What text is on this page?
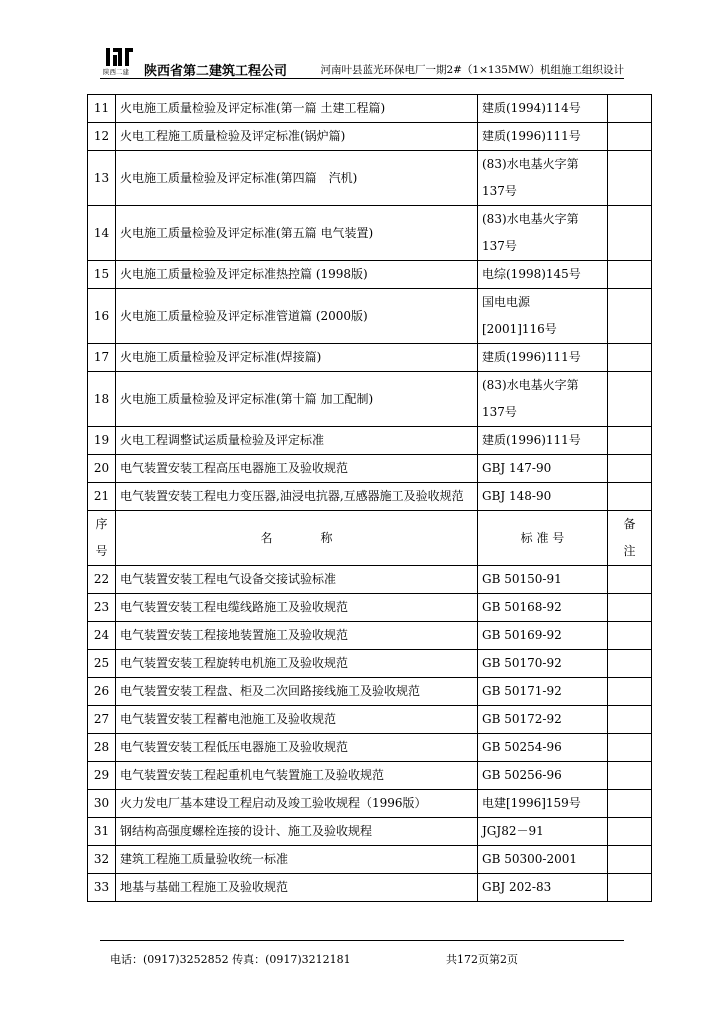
陕西二建 陕西省第二建筑工程公司	河南叶县蓝光环保电厂一期2#（1×135MW）机组施工组织设计
11	火电施工质量检验及评定标准(第一篇 土建工程篇)	建质(1994)114号	

12	火电工程施工质量检验及评定标准(锅炉篇)	建质(1996)111号	

13	火电施工质量检验及评定标准(第四篇　汽机)	(83)水电基火字第
137号	

14	火电施工质量检验及评定标准(第五篇 电气装置)	(83)水电基火字第
137号	

15	火电施工质量检验及评定标准热控篇 (1998版)	电综(1998)145号	

16	火电施工质量检验及评定标准管道篇 (2000版)	国电电源
[2001]116号	

17	火电施工质量检验及评定标准(焊接篇)	建质(1996)111号	

18	火电施工质量检验及评定标准(第十篇 加工配制)	(83)水电基火字第
137号	

19	火电工程调整试运质量检验及评定标准	建质(1996)111号	

20	电气装置安装工程高压电器施工及验收规范	GBJ 147-90	

21	电气装置安装工程电力变压器,油浸电抗器,互感器施工及验收规范	GBJ 148-90	

序
号	名　　　　称	标 准 号	备
注

22	电气装置安装工程电气设备交接试验标准	GB 50150-91	
23	电气装置安装工程电缆线路施工及验收规范	GB 50168-92	
24	电气装置安装工程接地装置施工及验收规范	GB 50169-92	
25	电气装置安装工程旋转电机施工及验收规范	GB 50170-92	
26	电气装置安装工程盘、柜及二次回路接线施工及验收规范	GB 50171-92	
27	电气装置安装工程蓄电池施工及验收规范	GB 50172-92	
28	电气装置安装工程低压电器施工及验收规范	GB 50254-96	
29	电气装置安装工程起重机电气装置施工及验收规范	GB 50256-96	
30	火力发电厂基本建设工程启动及竣工验收规程（1996版）	电建[1996]159号	
31	钢结构高强度螺栓连接的设计、施工及验收规程	JGJ82－91	
32	建筑工程施工质量验收统一标准	GB 50300-2001	
33	地基与基础工程施工及验收规范	GBJ 202-83	
电话：(0917)3252852 传真：(0917)3212181	共172页第2页
